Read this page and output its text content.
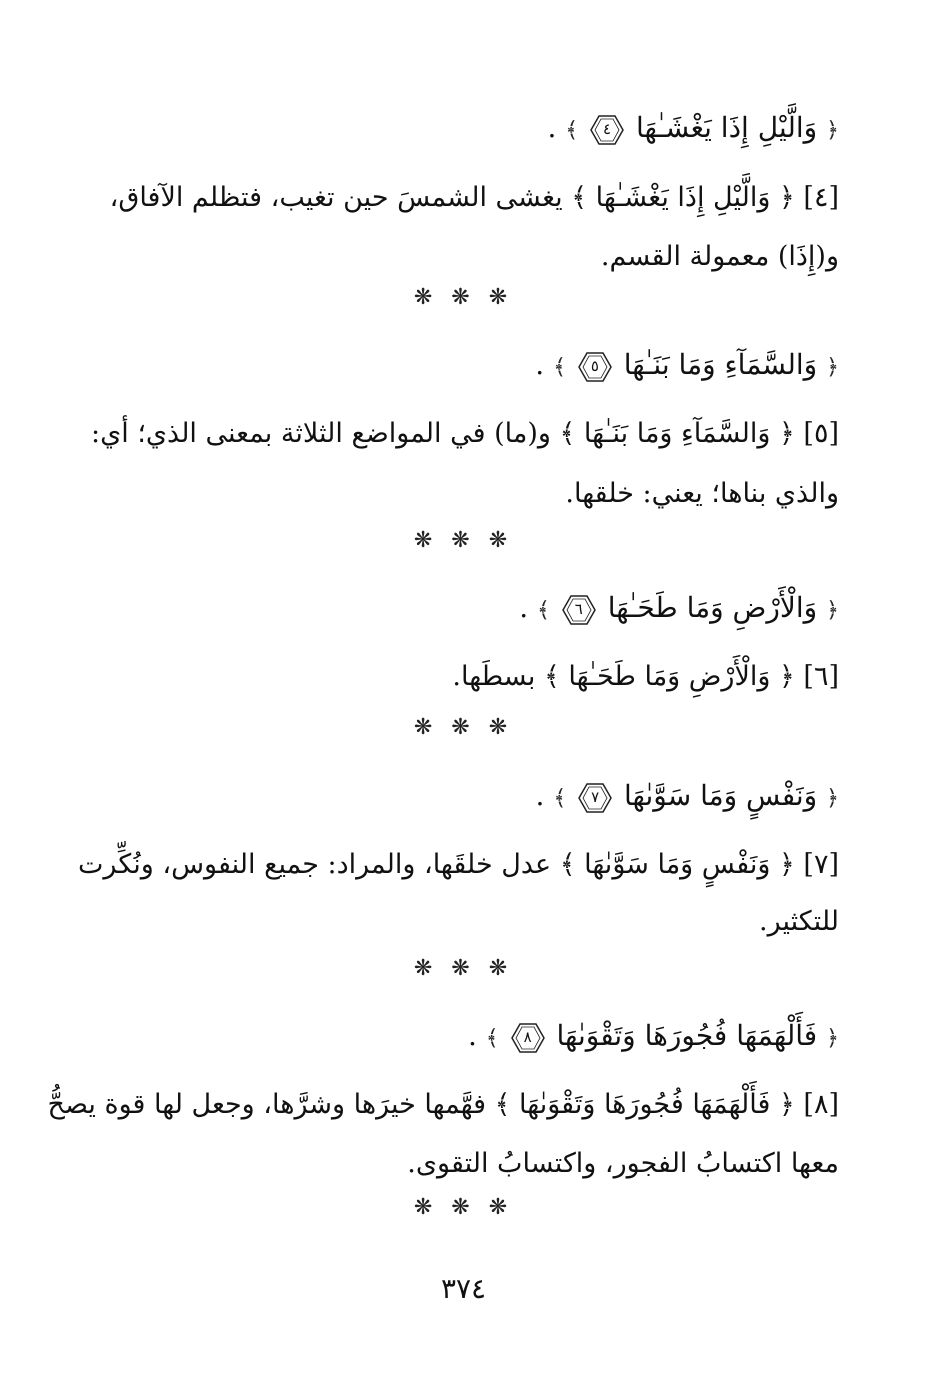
﴿ وَالَّيْلِ إِذَا يَغْشَـٰهَا
٤
﴾ .
[٤] ﴿ وَالَّيْلِ إِذَا يَغْشَـٰهَا ﴾ يغشى الشمسَ حين تغيب، فتظلم الآفاق،
و(إِذَا) معمولة القسم.
❋ ❋ ❋
﴿ وَالسَّمَآءِ وَمَا بَنَـٰهَا
٥
﴾ .
[٥] ﴿ وَالسَّمَآءِ وَمَا بَنَـٰهَا ﴾ و(ما) في المواضع الثلاثة بمعنى الذي؛ أي:
والذي بناها؛ يعني: خلقها.
❋ ❋ ❋
﴿ وَالْأَرْضِ وَمَا طَحَـٰهَا
٦
﴾ .
[٦] ﴿ وَالْأَرْضِ وَمَا طَحَـٰهَا ﴾ بسطَها.
❋ ❋ ❋
﴿ وَنَفْسٍ وَمَا سَوَّىٰهَا
٧
﴾ .
[٧] ﴿ وَنَفْسٍ وَمَا سَوَّىٰهَا ﴾ عدل خلقَها، والمراد: جميع النفوس، ونُكِّرت
للتكثير.
❋ ❋ ❋
﴿ فَأَلْهَمَهَا فُجُورَهَا وَتَقْوَىٰهَا
٨
﴾ .
[٨] ﴿ فَأَلْهَمَهَا فُجُورَهَا وَتَقْوَىٰهَا ﴾ فهَّمها خيرَها وشرَّها، وجعل لها قوة يصحُّ
معها اكتسابُ الفجور، واكتسابُ التقوى.
❋ ❋ ❋
٣٧٤
